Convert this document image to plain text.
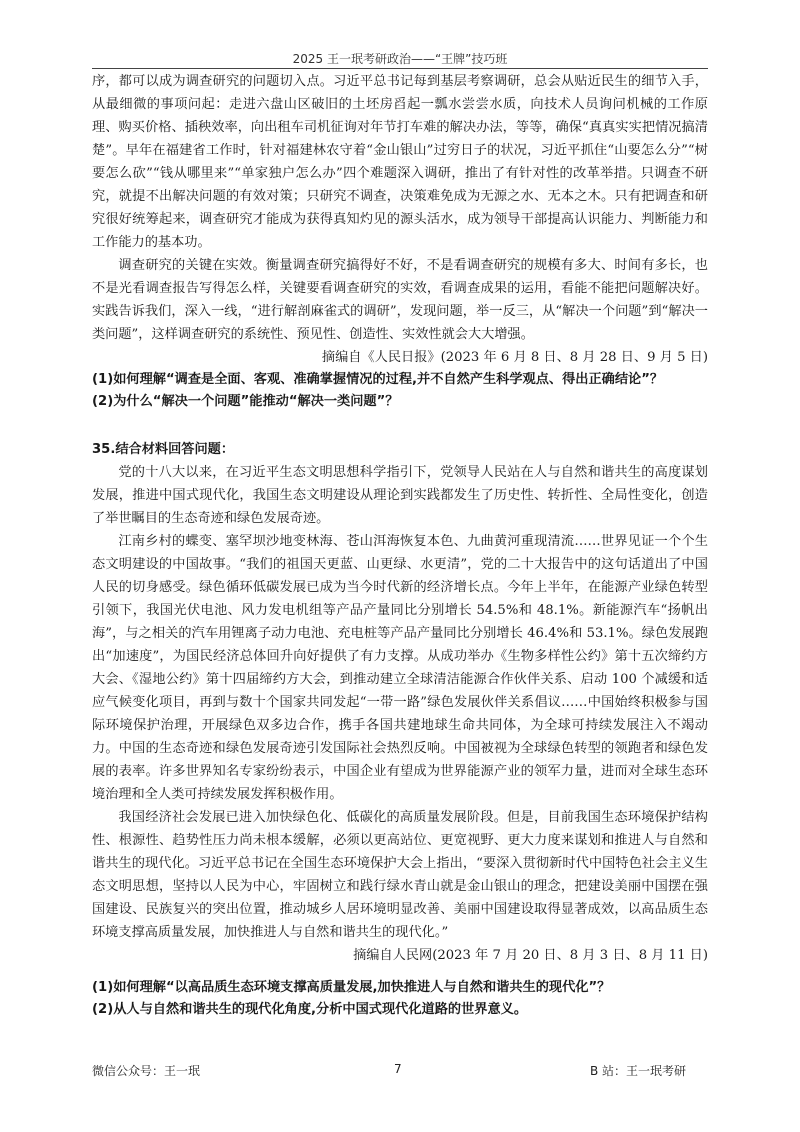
2025 王一珉考研政治——“王牌”技巧班

序，都可以成为调查研究的问题切入点。习近平总书记每到基层考察调研，总会从贴近民生的细节入手，从最细微的事项问起：走进六盘山区破旧的土坯房舀起一瓢水尝尝水质，向技术人员询问机械的工作原理、购买价格、插秧效率，向出租车司机征询对年节打车难的解决办法，等等，确保“真真实实把情况搞清楚”。早年在福建省工作时，针对福建林农守着“金山银山”过穷日子的状况，习近平抓住“山要怎么分”“树要怎么砍”“钱从哪里来”“单家独户怎么办”四个难题深入调研，推出了有针对性的改革举措。只调查不研究，就提不出解决问题的有效对策；只研究不调查，决策难免成为无源之水、无本之木。只有把调查和研究很好统筹起来，调查研究才能成为获得真知灼见的源头活水，成为领导干部提高认识能力、判断能力和工作能力的基本功。

调查研究的关键在实效。衡量调查研究搞得好不好，不是看调查研究的规模有多大、时间有多长，也不是光看调查报告写得怎么样，关键要看调查研究的实效，看调查成果的运用，看能不能把问题解决好。实践告诉我们，深入一线，“进行解剖麻雀式的调研”，发现问题，举一反三，从“解决一个问题”到“解决一类问题”，这样调查研究的系统性、预见性、创造性、实效性就会大大增强。

摘编自《人民日报》(2023 年 6 月 8 日、8 月 28 日、9 月 5 日)

(1)如何理解“调查是全面、客观、准确掌握情况的过程,并不自然产生科学观点、得出正确结论”？
(2)为什么“解决一个问题”能推动“解决一类问题”？
35.结合材料回答问题：

党的十八大以来，在习近平生态文明思想科学指引下，党领导人民站在人与自然和谐共生的高度谋划发展，推进中国式现代化，我国生态文明建设从理论到实践都发生了历史性、转折性、全局性变化，创造了举世瞩目的生态奇迹和绿色发展奇迹。

江南乡村的蝶变、塞罕坝沙地变林海、苍山洱海恢复本色、九曲黄河重现清流……世界见证一个个生态文明建设的中国故事。“我们的祖国天更蓝、山更绿、水更清”，党的二十大报告中的这句话道出了中国人民的切身感受。绿色循环低碳发展已成为当今时代新的经济增长点。今年上半年，在能源产业绿色转型引领下，我国光伏电池、风力发电机组等产品产量同比分别增长 54.5%和 48.1%。新能源汽车“扬帆出海”，与之相关的汽车用锂离子动力电池、充电桩等产品产量同比分别增长 46.4%和 53.1%。绿色发展跑出“加速度”，为国民经济总体回升向好提供了有力支撑。从成功举办《生物多样性公约》第十五次缔约方大会、《湿地公约》第十四届缔约方大会，到推动建立全球清洁能源合作伙伴关系、启动 100 个减缓和适应气候变化项目，再到与数十个国家共同发起“一带一路”绿色发展伙伴关系倡议……中国始终积极参与国际环境保护治理，开展绿色双多边合作，携手各国共建地球生命共同体，为全球可持续发展注入不竭动力。中国的生态奇迹和绿色发展奇迹引发国际社会热烈反响。中国被视为全球绿色转型的领跑者和绿色发展的表率。许多世界知名专家纷纷表示，中国企业有望成为世界能源产业的领军力量，进而对全球生态环境治理和全人类可持续发展发挥积极作用。

我国经济社会发展已进入加快绿色化、低碳化的高质量发展阶段。但是，目前我国生态环境保护结构性、根源性、趋势性压力尚未根本缓解，必须以更高站位、更宽视野、更大力度来谋划和推进人与自然和谐共生的现代化。习近平总书记在全国生态环境保护大会上指出，“要深入贯彻新时代中国特色社会主义生态文明思想，坚持以人民为中心，牢固树立和践行绿水青山就是金山银山的理念，把建设美丽中国摆在强国建设、民族复兴的突出位置，推动城乡人居环境明显改善、美丽中国建设取得显著成效，以高品质生态环境支撑高质量发展，加快推进人与自然和谐共生的现代化。”

摘编自人民网(2023 年 7 月 20 日、8 月 3 日、8 月 11 日)

(1)如何理解“以高品质生态环境支撑高质量发展,加快推进人与自然和谐共生的现代化”？
(2)从人与自然和谐共生的现代化角度,分析中国式现代化道路的世界意义。
微信公众号：王一珉	7	B 站：王一珉考研
